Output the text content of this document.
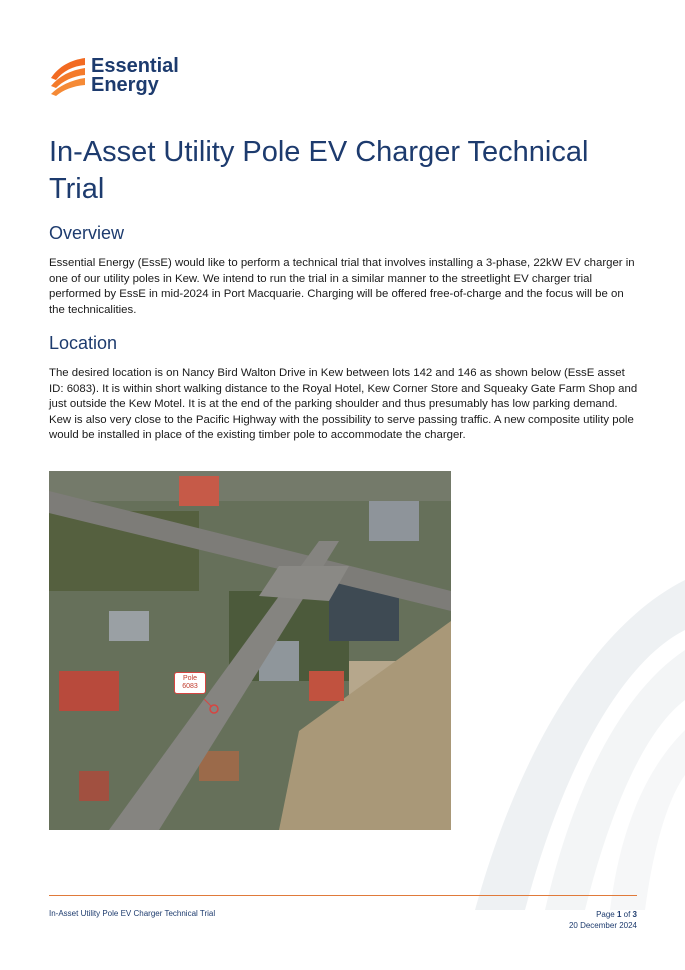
Essential
Energy
In-Asset Utility Pole EV Charger Technical Trial
Overview

Essential Energy (EssE) would like to perform a technical trial that involves installing a 3-phase, 22kW EV charger in one of our utility poles in Kew. We intend to run the trial in a similar manner to the streetlight EV charger trial performed by EssE in mid-2024 in Port Macquarie. Charging will be offered free-of-charge and the focus will be on the technicalities.

Location

The desired location is on Nancy Bird Walton Drive in Kew between lots 142 and 146 as shown below (EssE asset ID: 6083). It is within short walking distance to the Royal Hotel, Kew Corner Store and Squeaky Gate Farm Shop and just outside the Kew Motel. It is at the end of the parking shoulder and thus presumably has low parking demand. Kew is also very close to the Pacific Highway with the possibility to serve passing traffic. A new composite utility pole would be installed in place of the existing timber pole to accommodate the charger.

Pole
6083
In-Asset Utility Pole EV Charger Technical Trial	Page 1 of 3
20 December 2024
